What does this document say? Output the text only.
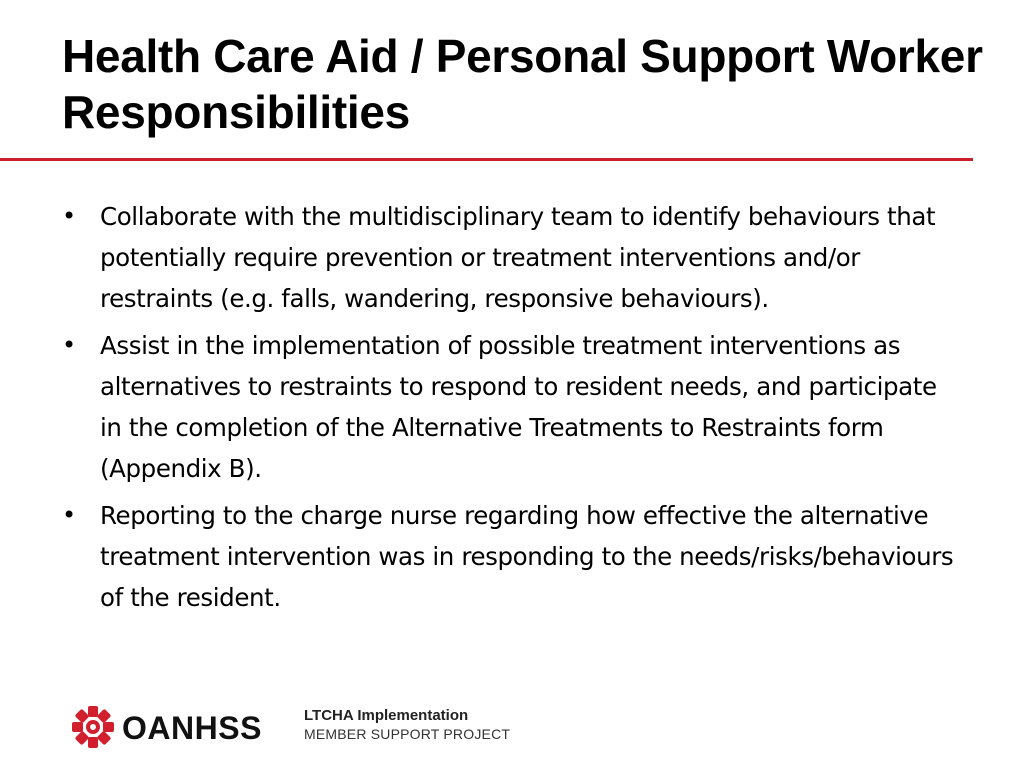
Health Care Aid / Personal Support Worker Responsibilities
• Collaborate with the multidisciplinary team to identify behaviours that potentially require prevention or treatment interventions and/or restraints (e.g. falls, wandering, responsive behaviours).
• Assist in the implementation of possible treatment interventions as alternatives to restraints to respond to resident needs, and participate in the completion of the Alternative Treatments to Restraints form (Appendix B).
• Reporting to the charge nurse regarding how effective the alternative treatment intervention was in responding to the needs/risks/behaviours of the resident.
OANHSS	LTCHA Implementation
MEMBER SUPPORT PROJECT
